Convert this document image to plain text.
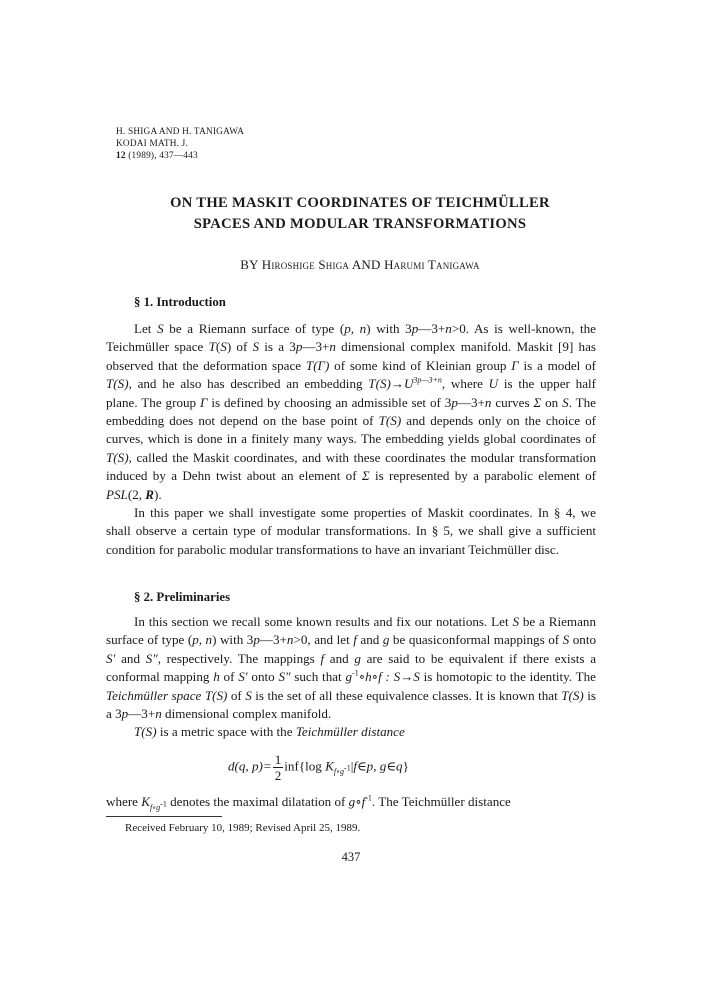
H. SHIGA AND H. TANIGAWA
KODAI MATH. J.
12 (1989), 437—443
ON THE MASKIT COORDINATES OF TEICHMÜLLER
SPACES AND MODULAR TRANSFORMATIONS
BY Hiroshige Shiga AND Harumi Tanigawa
§ 1. Introduction

Let S be a Riemann surface of type (p, n) with 3p—3+n>0. As is well-known, the Teichmüller space T(S) of S is a 3p—3+n dimensional complex manifold. Maskit [9] has observed that the deformation space T(Γ) of some kind of Kleinian group Γ is a model of T(S), and he also has described an embedding $T(S)\to U^{3p—3+n}$, where U is the upper half plane. The group Γ is defined by choosing an admissible set of 3p—3+n curves Σ on S. The embedding does not depend on the base point of T(S) and depends only on the choice of curves, which is done in a finitely many ways. The embedding yields global coordinates of T(S), called the Maskit coordinates, and with these coordinates the modular transformation induced by a Dehn twist about an element of Σ is represented by a parabolic element of PSL(2, R).

In this paper we shall investigate some properties of Maskit coordinates. In § 4, we shall observe a certain type of modular transformations. In § 5, we shall give a sufficient condition for parabolic modular transformations to have an invariant Teichmüller disc.

§ 2. Preliminaries

In this section we recall some known results and fix our notations. Let S be a Riemann surface of type (p, n) with 3p—3+n>0, and let f and g be quasiconformal mappings of S onto S′ and S″, respectively. The mappings f and g are said to be equivalent if there exists a conformal mapping h of S′ onto S″ such that $g^{-1}\circ h\circ f$ : S→S is homotopic to the identity. The Teichmüller space T(S) of S is the set of all these equivalence classes. It is known that T(S) is a 3p—3+n dimensional complex manifold.

T(S) is a metric space with the Teichmüller distance

d(q, $p)= \frac{1}{2} inf\{\log$ $K_{f\circ g^{-1}}|f\in p$, g∈q}

where $K_{f\circ g^{-1}}$ denotes the maximal dilatation of $g\circ f^{-1}$. The Teichmüller distance

Received February 10, 1989; Revised April 25, 1989.
437
